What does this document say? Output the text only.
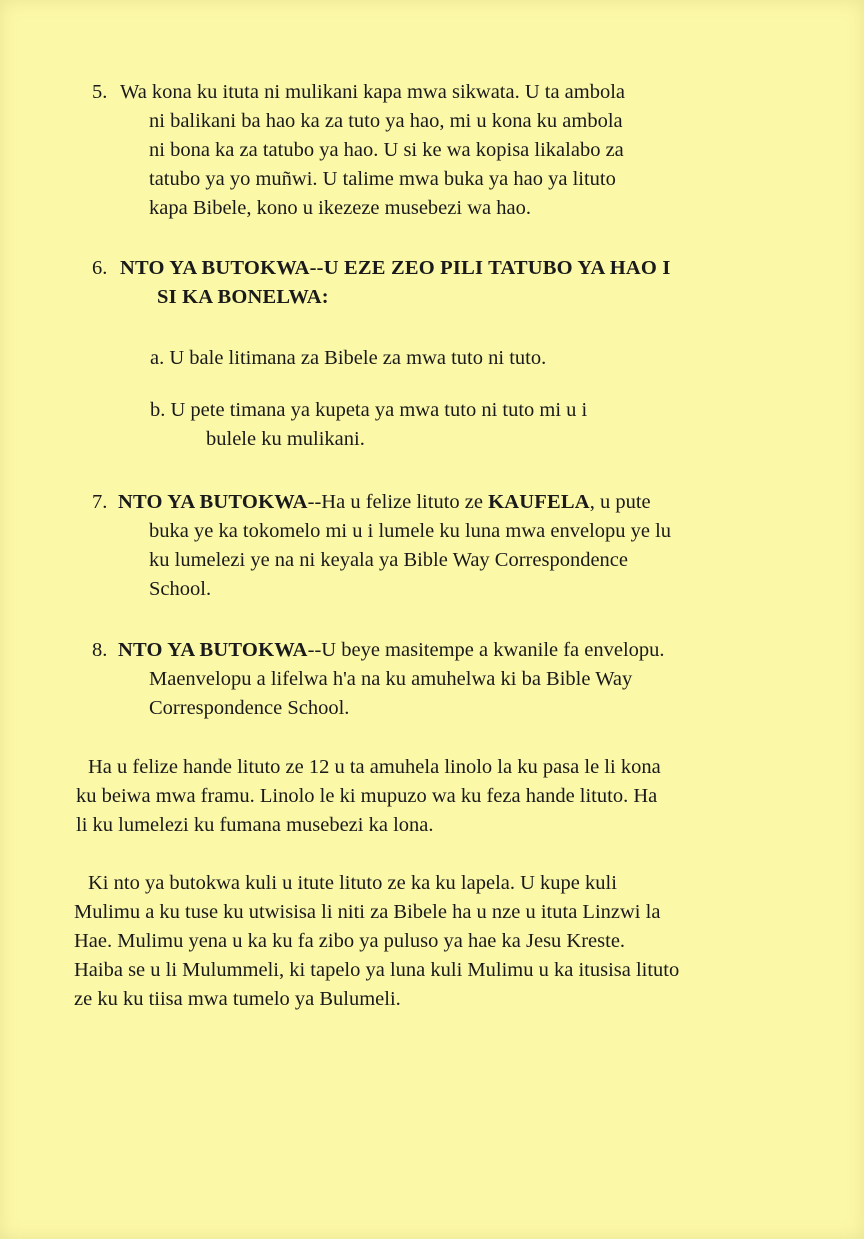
5. Wa kona ku ituta ni mulikani kapa mwa sikwata. U ta ambola
ni balikani ba hao ka za tuto ya hao, mi u kona ku ambola
ni bona ka za tatubo ya hao. U si ke wa kopisa likalabo za
tatubo ya yo muñwi. U talime mwa buka ya hao ya lituto
kapa Bibele, kono u ikezeze musebezi wa hao.
6. NTO YA BUTOKWA--U EZE ZEO PILI TATUBO YA HAO I
SI KA BONELWA:
a. U bale litimana za Bibele za mwa tuto ni tuto.
b. U pete timana ya kupeta ya mwa tuto ni tuto mi u i
bulele ku mulikani.
7. NTO YA BUTOKWA--Ha u felize lituto ze KAUFELA, u pute
buka ye ka tokomelo mi u i lumele ku luna mwa envelopu ye lu
ku lumelezi ye na ni keyala ya Bible Way Correspondence
School.
8. NTO YA BUTOKWA--U beye masitempe a kwanile fa envelopu.
Maenvelopu a lifelwa h'a na ku amuhelwa ki ba Bible Way
Correspondence School.
Ha u felize hande lituto ze 12 u ta amuhela linolo la ku pasa le li kona
ku beiwa mwa framu. Linolo le ki mupuzo wa ku feza hande lituto. Ha
li ku lumelezi ku fumana musebezi ka lona.
Ki nto ya butokwa kuli u itute lituto ze ka ku lapela. U kupe kuli
Mulimu a ku tuse ku utwisisa li niti za Bibele ha u nze u ituta Linzwi la
Hae. Mulimu yena u ka ku fa zibo ya puluso ya hae ka Jesu Kreste.
Haiba se u li Mulummeli, ki tapelo ya luna kuli Mulimu u ka itusisa lituto
ze ku ku tiisa mwa tumelo ya Bulumeli.
